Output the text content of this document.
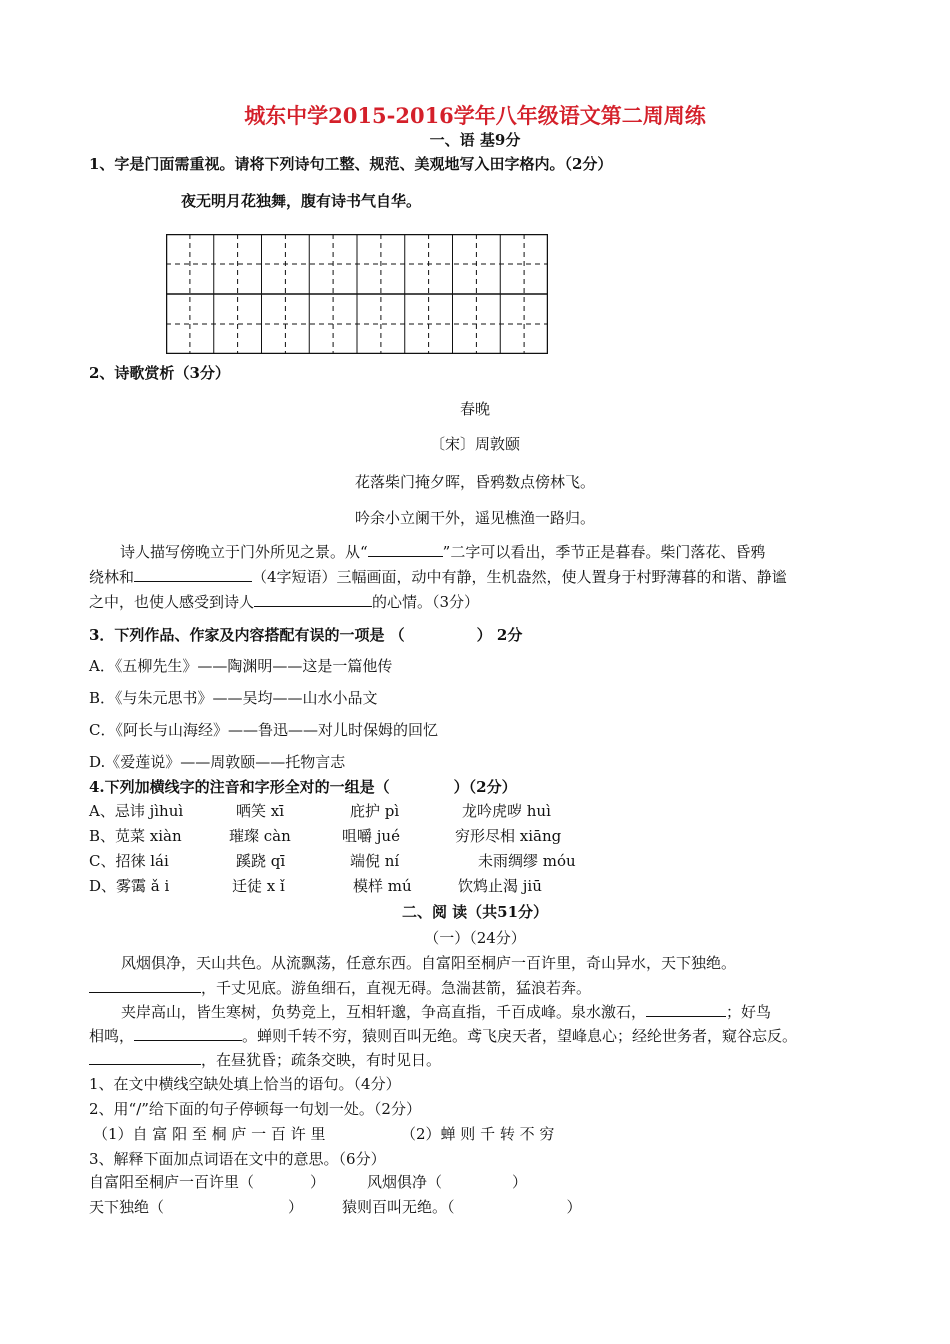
城东中学2015-2016学年八年级语文第二周周练
一、语 基9分
1、字是门面需重视。请将下列诗句工整、规范、美观地写入田字格内。（2分）
夜无明月花独舞，腹有诗书气自华。
2、诗歌赏析（3分）
春晚
〔宋〕周敦颐
花落柴门掩夕晖，昏鸦数点傍林飞。
吟余小立阑干外，遥见樵渔一路归。
诗人描写傍晚立于门外所见之景。从“	”二字可以看出，季节正是暮春。柴门落花、昏鸦
绕林和	（4字短语）三幅画面，动中有静，生机盎然，使人置身于村野薄暮的和谐、静谧
之中，也使人感受到诗人	的心情。（3分）
3．下列作品、作家及内容搭配有误的一项是 （	） 2分
A．《五柳先生》——陶渊明——这是一篇他传
B．《与朱元思书》——吴均——山水小品文
C．《阿长与山海经》——鲁迅——对儿时保姆的回忆
D.《爱莲说》——周敦颐——托物言志
4.下列加横线字的注音和字形全对的一组是（	）（2分）
A、忌讳 jìhuì	哂笑 xī	庇护 pì	龙吟虎哕 huì
B、苋菜 xiàn	璀璨 càn	咀嚼 jué	穷形尽相 xiāng
C、招徕 lái	蹊跷 qī	端倪 ní	未雨绸缪 móu
D、雾霭 ǎ i	迁徒 x ǐ	模样 mú	饮鸩止渴 jiū
二、阅 读（共51分）
（一）（24分）
风烟俱净，天山共色。从流飘荡，任意东西。自富阳至桐庐一百许里，奇山异水，天下独绝。
，千丈见底。游鱼细石，直视无碍。急湍甚箭，猛浪若奔。
夹岸高山，皆生寒树，负势竞上，互相轩邈，争高直指，千百成峰。泉水激石，	；好鸟
相鸣，	。蝉则千转不穷，猿则百叫无绝。鸢飞戾天者，望峰息心；经纶世务者，窥谷忘反。
，在昼犹昏；疏条交映，有时见日。
1、在文中横线空缺处填上恰当的语句。（4分）
2、用“/”给下面的句子停顿每一句划一处。（2分）
（1）自 富 阳 至 桐 庐 一 百 许 里	（2）蝉 则 千 转 不 穷
3、解释下面加点词语在文中的意思。（6分）
自富阳至桐庐一百许里（	）	风烟俱净（	）
天下独绝（	）	猿则百叫无绝。（	）
